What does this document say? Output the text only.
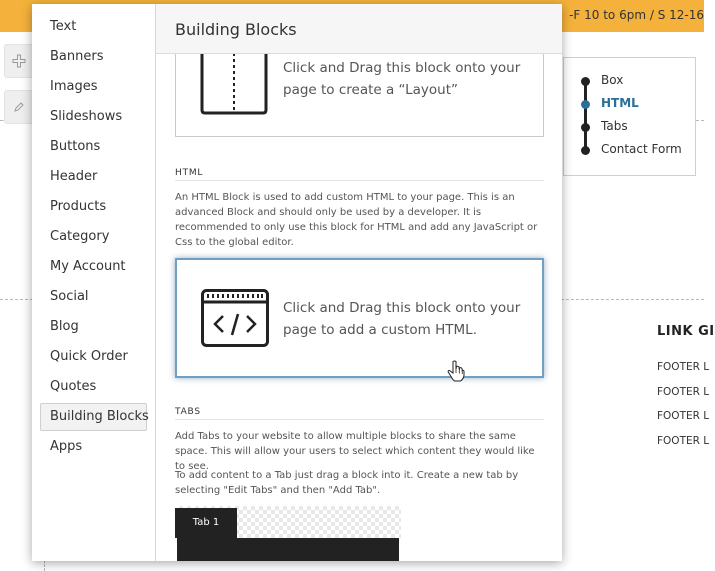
-F 10 to 6pm / S 12-16
Box
HTML
Tabs
Contact Form
LINK GI
FOOTER L
FOOTER L
FOOTER L
FOOTER L
Text
Banners
Images
Slideshows
Buttons
Header
Products
Category
My Account
Social
Blog
Quick Order
Quotes
Building Blocks
Apps
Building Blocks
Click and Drag this block onto your page to create a “Layout”
HTML
An HTML Block is used to add custom HTML to your page. This is an advanced Block and should only be used by a developer. It is recommended to only use this block for HTML and add any JavaScript or Css to the global editor.
Click and Drag this block onto your page to add a custom HTML.
TABS
Add Tabs to your website to allow multiple blocks to share the same space. This will allow your users to select which content they would like to see.
To add content to a Tab just drag a block into it. Create a new tab by selecting "Edit Tabs" and then "Add Tab".
Tab 1
